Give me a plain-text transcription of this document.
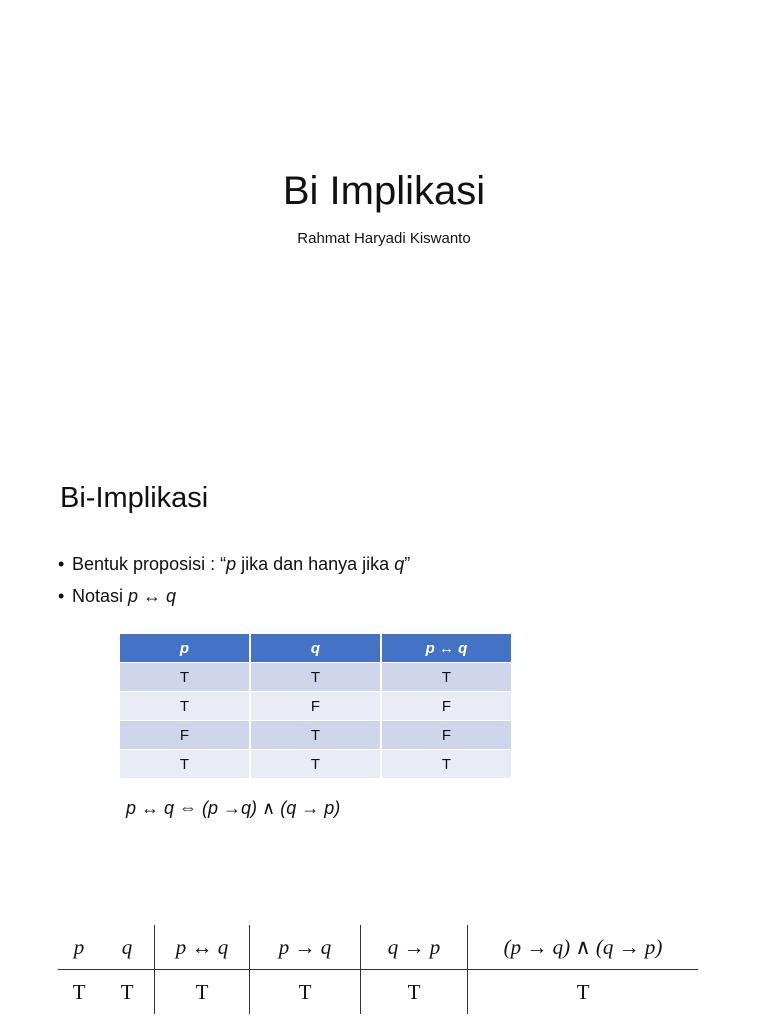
Bi Implikasi
Rahmat Haryadi Kiswanto
Bi-Implikasi
• Bentuk proposisi : “p jika dan hanya jika q”
• Notasi p ↔ q
p	q	p ↔ q
T	T	T
T	F	F
F	T	F
T	T	T
p ↔ q ⇔ (p →q) ∧ (q → p)
p	q	p ↔ q	p → q	q → p	(p → q) ∧ (q → p)
T	T	T	T	T	T
